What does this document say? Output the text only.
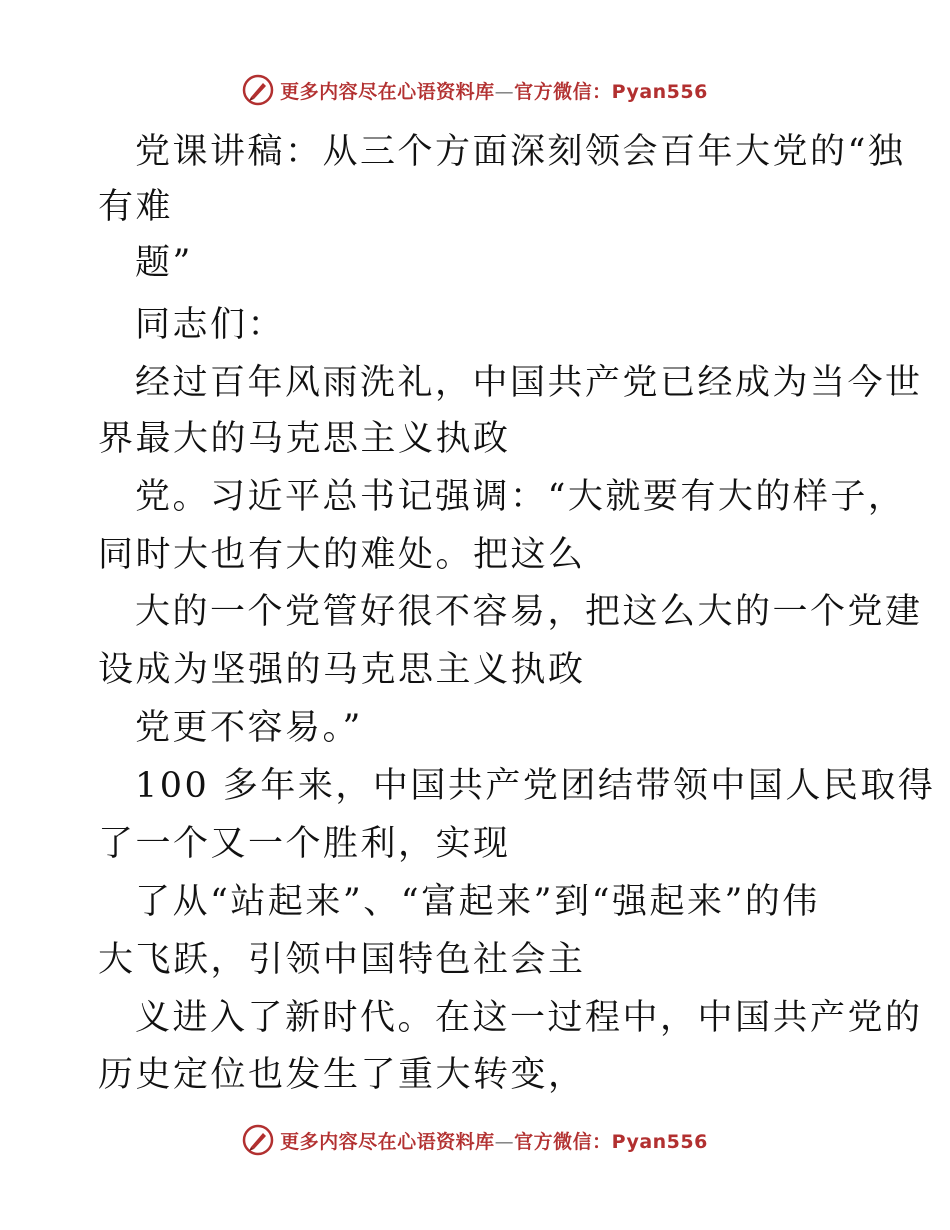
更多内容尽在心语资料库—官方微信：Pyan556
党课讲稿：从三个方面深刻领会百年大党的“独
有难
题”
同志们：
经过百年风雨洗礼，中国共产党已经成为当今世
界最大的马克思主义执政
党。习近平总书记强调：“大就要有大的样子，
同时大也有大的难处。把这么
大的一个党管好很不容易，把这么大的一个党建
设成为坚强的马克思主义执政
党更不容易。”
100 多年来，中国共产党团结带领中国人民取得
了一个又一个胜利，实现
了从“站起来”、“富起来”到“强起来”的伟
大飞跃，引领中国特色社会主
义进入了新时代。在这一过程中，中国共产党的
历史定位也发生了重大转变，
更多内容尽在心语资料库—官方微信：Pyan556
